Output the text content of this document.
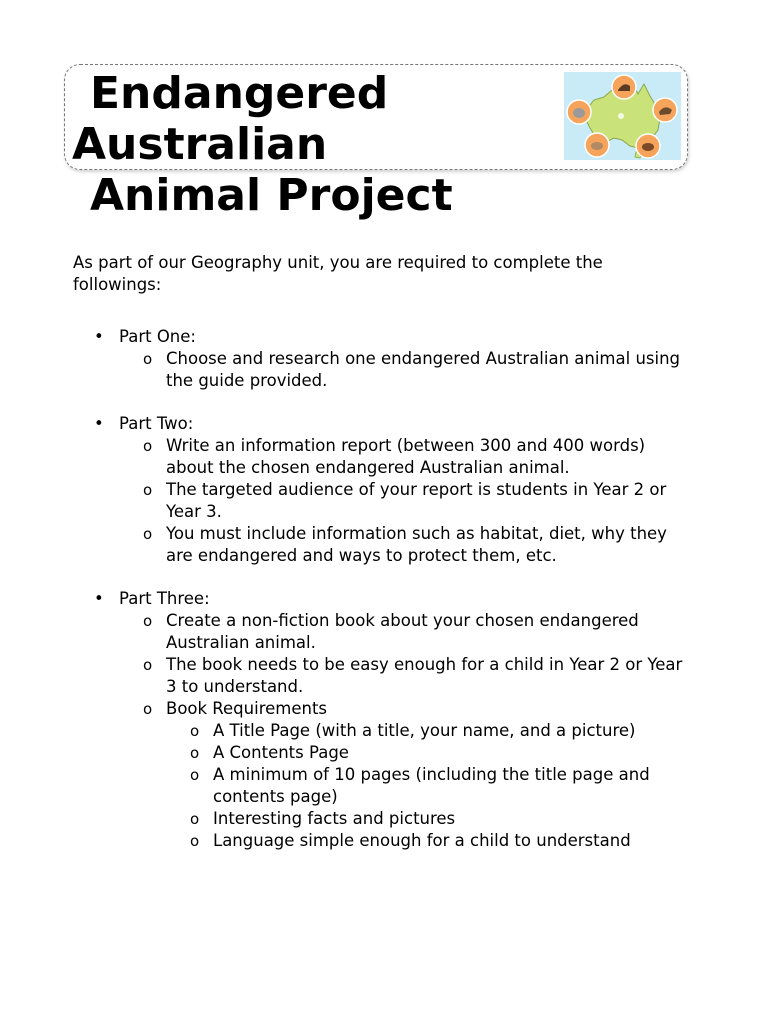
Endangered
Australian
Animal Project

As part of our Geography unit, you are required to complete the followings:

• Part One:
o Choose and research one endangered Australian animal using the guide provided.
• Part Two:
o Write an information report (between 300 and 400 words) about the chosen endangered Australian animal.
o The targeted audience of your report is students in Year 2 or Year 3.
o You must include information such as habitat, diet, why they are endangered and ways to protect them, etc.
• Part Three:
o Create a non-fiction book about your chosen endangered Australian animal.
o The book needs to be easy enough for a child in Year 2 or Year 3 to understand.
o Book Requirements
o A Title Page (with a title, your name, and a picture)
o A Contents Page
o A minimum of 10 pages (including the title page and contents page)
o Interesting facts and pictures
o Language simple enough for a child to understand
